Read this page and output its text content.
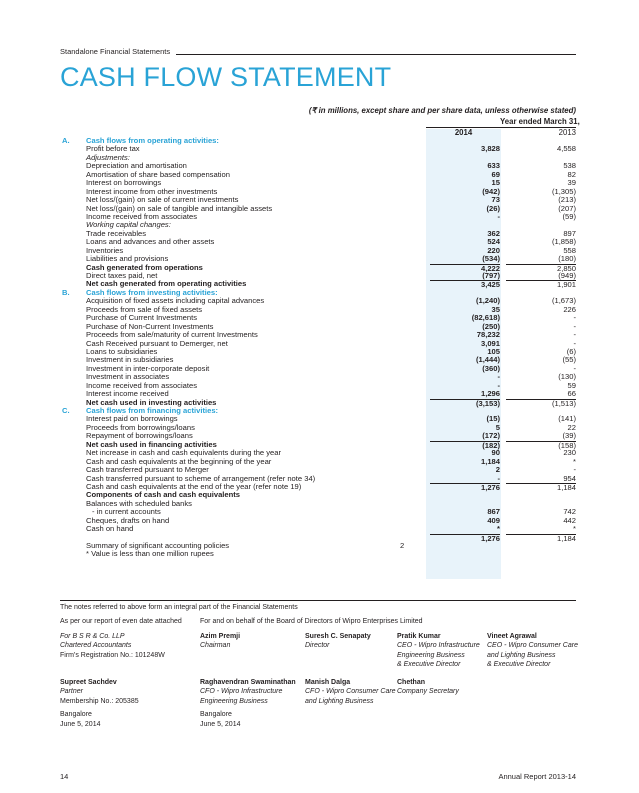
Standalone Financial Statements
CASH FLOW STATEMENT
(₹ in millions, except share and per share data, unless otherwise stated)
Year ended March 31,
2014	2013
A. Cash flows from operating activities:
Profit before tax	3,828	4,558
Adjustments:
Depreciation and amortisation	633	538
Amortisation of share based compensation	69	82
Interest on borrowings	15	39
Interest income from other investments	(942)	(1,305)
Net loss/(gain) on sale of current investments	73	(213)
Net loss/(gain) on sale of tangible and intangible assets	(26)	(207)
Income received from associates	-	(59)
Working capital changes:
Trade receivables	362	897
Loans and advances and other assets	524	(1,858)
Inventories	220	558
Liabilities and provisions	(534)	(180)
Cash generated from operations	4,222	2,850
Direct taxes paid, net	(797)	(949)
Net cash generated from operating activities	3,425	1,901
B. Cash flows from investing activities:
Acquisition of fixed assets including capital advances	(1,240)	(1,673)
Proceeds from sale of fixed assets	35	226
Purchase of Current Investments	(82,618)	-
Purchase of Non-Current Investments	(250)	-
Proceeds from sale/maturity of current Investments	78,232	-
Cash Received pursuant to Demerger, net	3,091	-
Loans to subsidiaries	105	(6)
Investment in subsidiaries	(1,444)	(55)
Investment in inter-corporate deposit	(360)	-
Investment in associates	-	(130)
Income received from associates	-	59
Interest income received	1,296	66
Net cash used in investing activities	(3,153)	(1,513)
C. Cash flows from financing activities:
Interest paid on borrowings	(15)	(141)
Proceeds from borrowings/loans	5	22
Repayment of borrowings/loans	(172)	(39)
Net cash used in financing activities	(182)	(158)
Net increase in cash and cash equivalents during the year	90	230
Cash and cash equivalents at the beginning of the year	1,184	*
Cash transferred pursuant to Merger	2	-
Cash transferred pursuant to scheme of arrangement (refer note 34)	-	954
Cash and cash equivalents at the end of the year (refer note 19)	1,276	1,184
Components of cash and cash equivalents
Balances with scheduled banks
- in current accounts	867	742
Cheques, drafts on hand	409	442
Cash on hand	*	*
1,276	1,184
Summary of significant accounting policies	2
* Value is less than one million rupees
The notes referred to above form an integral part of the Financial Statements
As per our report of even date attached	For and on behalf of the Board of Directors of Wipro Enterprises Limited
For B S R & Co. LLP
Chartered Accountants
Firm's Registration No.: 101248W
Azim Premji
Chairman
Suresh C. Senapaty
Director
Pratik Kumar
CEO - Wipro Infrastructure
Engineering Business
& Executive Director
Vineet Agrawal
CEO - Wipro Consumer Care
and Lighting Business
& Executive Director
Supreet Sachdev
Partner
Membership No.: 205385
Bangalore
June 5, 2014
Raghavendran Swaminathan
CFO - Wipro Infrastructure
Engineering Business
Bangalore
June 5, 2014
Manish Dalga
CFO - Wipro Consumer Care
and Lighting Business
Chethan
Company Secretary
14	Annual Report 2013-14
